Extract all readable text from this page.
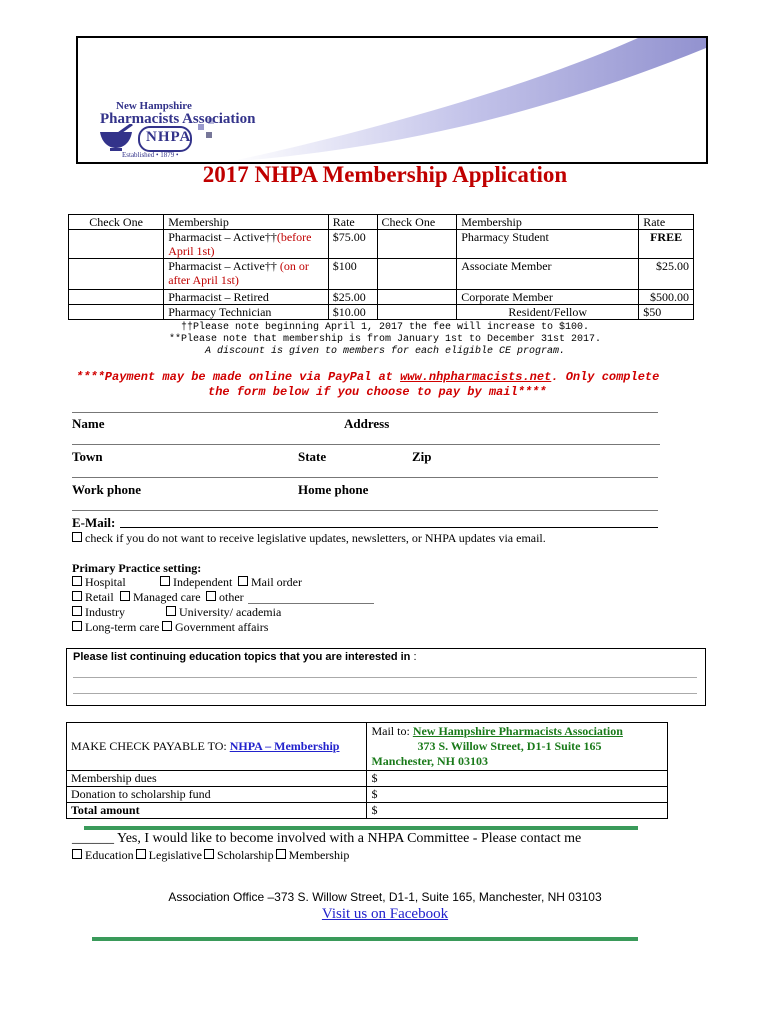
New Hampshire
Pharmacists Association
NHPA
Established • 1879 •
2017 NHPA Membership Application
Check One	Membership	Rate	Check One	Membership	Rate
	Pharmacist – Active††(before April 1st)	$75.00		Pharmacy Student	FREE
	Pharmacist – Active†† (on or after April 1st)	$100		Associate Member	$25.00
	Pharmacist – Retired	$25.00		Corporate Member	$500.00
	Pharmacy Technician	$10.00		Resident/Fellow	$50
††Please note beginning April 1, 2017 the fee will increase to $100.
**Please note that membership is from January 1st to December 31st 2017.
A discount is given to members for each eligible CE program.
****Payment may be made online via PayPal at www.nhpharmacists.net. Only complete
the form below if you choose to pay by mail****
Name	Address
Town	State	Zip
Work phone	Home phone
E-Mail:
check if you do not want to receive legislative updates, newsletters, or NHPA updates via email.
Primary Practice setting:
Hospital	Independent	Mail order
Retail	Managed care	other
Industry	University/ academia
Long-term care	Government affairs
Please list continuing education topics that you are interested in :
MAKE CHECK PAYABLE TO: NHPA – Membership	Mail to: New Hampshire Pharmacists Association
373 S. Willow Street, D1-1 Suite 165
Manchester, NH 03103

Membership dues	$
Donation to scholarship fund	$
Total amount	$
______ Yes, I would like to become involved with a NHPA Committee - Please contact me
Education Legislative Scholarship Membership
Association Office –373 S. Willow Street, D1-1, Suite 165, Manchester, NH 03103
Visit us on Facebook
